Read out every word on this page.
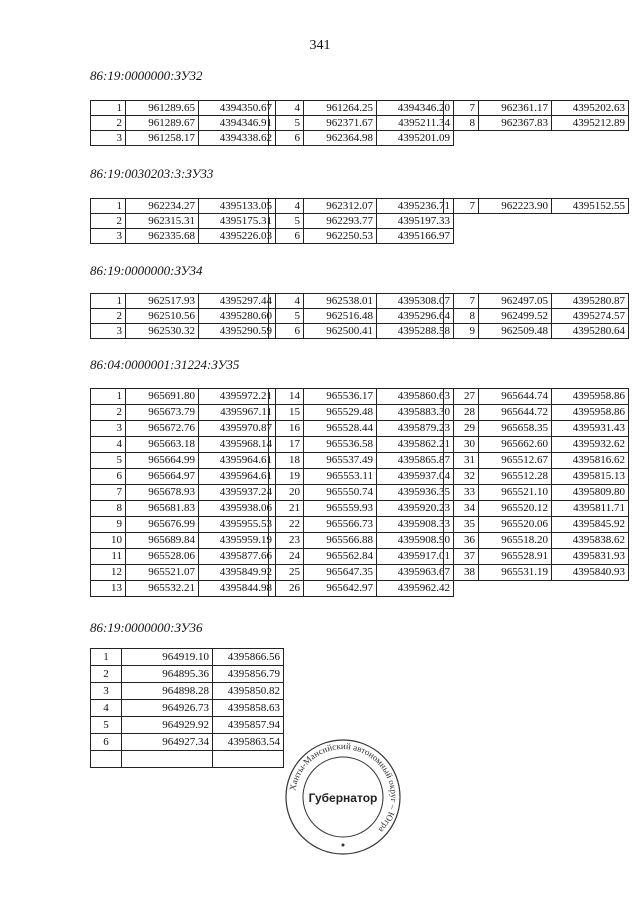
341
86:19:0000000:ЗУ32
1	961289.65	4394350.67
2	961289.67	4394346.91
3	961258.17	4394338.62
4	961264.25	4394346.20
5	962371.67	4395211.34
6	962364.98	4395201.09
7	962361.17	4395202.63
8	962367.83	4395212.89
86:19:0030203:3:ЗУ33
1	962234.27	4395133.05
2	962315.31	4395175.31
3	962335.68	4395226.03
4	962312.07	4395236.71
5	962293.77	4395197.33
6	962250.53	4395166.97
7	962223.90	4395152.55
86:19:0000000:ЗУ34
1	962517.93	4395297.44
2	962510.56	4395280.60
3	962530.32	4395290.59
4	962538.01	4395308.07
5	962516.48	4395296.64
6	962500.41	4395288.58
7	962497.05	4395280.87
8	962499.52	4395274.57
9	962509.48	4395280.64
86:04:0000001:31224:ЗУ35
1	965691.80	4395972.21
2	965673.79	4395967.11
3	965672.76	4395970.87
4	965663.18	4395968.14
5	965664.99	4395964.61
6	965664.97	4395964.61
7	965678.93	4395937.24
8	965681.83	4395938.06
9	965676.99	4395955.53
10	965689.84	4395959.19
11	965528.06	4395877.66
12	965521.07	4395849.92
13	965532.21	4395844.98
14	965536.17	4395860.63
15	965529.48	4395883.30
16	965528.44	4395879.23
17	965536.58	4395862.21
18	965537.49	4395865.87
19	965553.11	4395937.04
20	965550.74	4395936.35
21	965559.93	4395920.23
22	965566.73	4395908.33
23	965566.88	4395908.90
24	965562.84	4395917.01
25	965647.35	4395963.67
26	965642.97	4395962.42
27	965644.74	4395958.86
28	965644.72	4395958.86
29	965658.35	4395931.43
30	965662.60	4395932.62
31	965512.67	4395816.62
32	965512.28	4395815.13
33	965521.10	4395809.80
34	965520.12	4395811.71
35	965520.06	4395845.92
36	965518.20	4395838.62
37	965528.91	4395831.93
38	965531.19	4395840.93
86:19:0000000:ЗУ36
1	964919.10	4395866.56
2	964895.36	4395856.79
3	964898.28	4395850.82
4	964926.73	4395858.63
5	964929.92	4395857.94
6	964927.34	4395863.54

Ханты-Мансийский автономный округ – Югра
Губернатор
